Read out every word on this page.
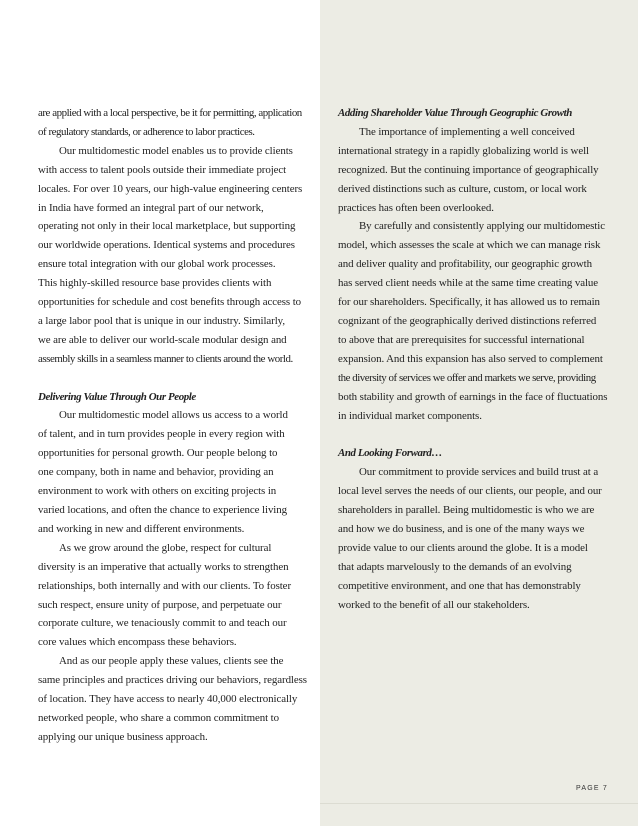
are applied with a local perspective, be it for permitting, application
of regulatory standards, or adherence to labor practices.
Our multidomestic model enables us to provide clients
with access to talent pools outside their immediate project
locales. For over 10 years, our high-value engineering centers
in India have formed an integral part of our network,
operating not only in their local marketplace, but supporting
our worldwide operations. Identical systems and procedures
ensure total integration with our global work processes.
This highly-skilled resource base provides clients with
opportunities for schedule and cost benefits through access to
a large labor pool that is unique in our industry. Similarly,
we are able to deliver our world-scale modular design and
assembly skills in a seamless manner to clients around the world.
Delivering Value Through Our People
Our multidomestic model allows us access to a world
of talent, and in turn provides people in every region with
opportunities for personal growth. Our people belong to
one company, both in name and behavior, providing an
environment to work with others on exciting projects in
varied locations, and often the chance to experience living
and working in new and different environments.
As we grow around the globe, respect for cultural
diversity is an imperative that actually works to strengthen
relationships, both internally and with our clients. To foster
such respect, ensure unity of purpose, and perpetuate our
corporate culture, we tenaciously commit to and teach our
core values which encompass these behaviors.
And as our people apply these values, clients see the
same principles and practices driving our behaviors, regardless
of location. They have access to nearly 40,000 electronically
networked people, who share a common commitment to
applying our unique business approach.
Adding Shareholder Value Through Geographic Growth
The importance of implementing a well conceived
international strategy in a rapidly globalizing world is well
recognized. But the continuing importance of geographically
derived distinctions such as culture, custom, or local work
practices has often been overlooked.
By carefully and consistently applying our multidomestic
model, which assesses the scale at which we can manage risk
and deliver quality and profitability, our geographic growth
has served client needs while at the same time creating value
for our shareholders. Specifically, it has allowed us to remain
cognizant of the geographically derived distinctions referred
to above that are prerequisites for successful international
expansion. And this expansion has also served to complement
the diversity of services we offer and markets we serve, providing
both stability and growth of earnings in the face of fluctuations
in individual market components.
And Looking Forward…
Our commitment to provide services and build trust at a
local level serves the needs of our clients, our people, and our
shareholders in parallel. Being multidomestic is who we are
and how we do business, and is one of the many ways we
provide value to our clients around the globe. It is a model
that adapts marvelously to the demands of an evolving
competitive environment, and one that has demonstrably
worked to the benefit of all our stakeholders.
PAGE 7
